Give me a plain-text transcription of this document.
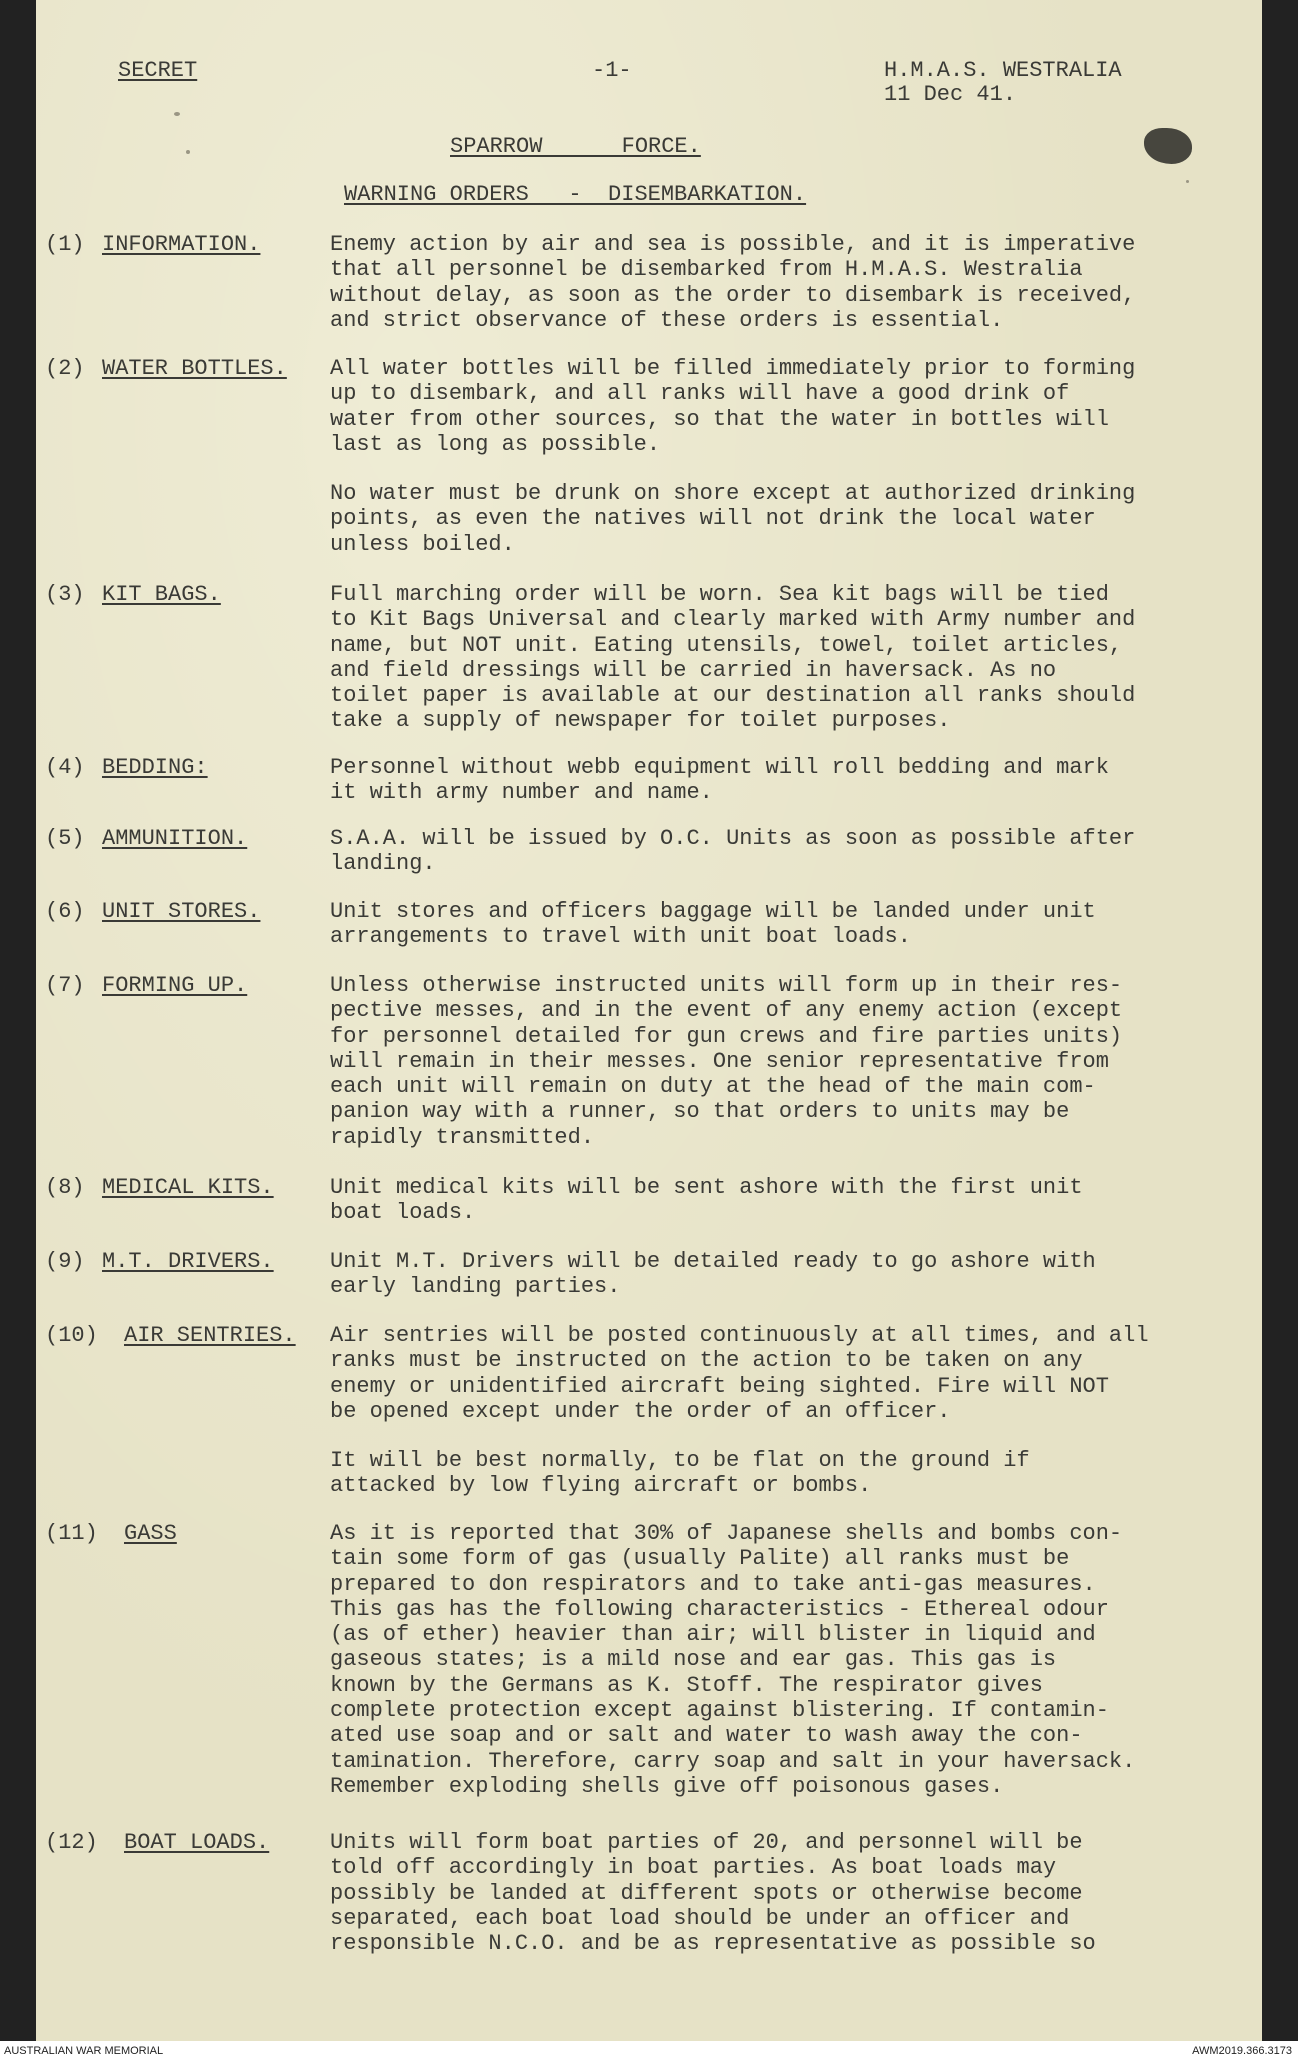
SECRET	-1-	H.M.A.S. WESTRALIA
11 Dec 41.
SPARROW      FORCE.
WARNING ORDERS   -  DISEMBARKATION.
(1) INFORMATION.	Enemy action by air and sea is possible, and it is imperative
that all personnel be disembarked from H.M.A.S. Westralia
without delay, as soon as the order to disembark is received,
and strict observance of these orders is essential.
(2) WATER BOTTLES. All water bottles will be filled immediately prior to forming
up to disembark, and all ranks will have a good drink of
water from other sources, so that the water in bottles will
last as long as possible.
No water must be drunk on shore except at authorized drinking
points, as even the natives will not drink the local water
unless boiled.
(3) KIT BAGS.	Full marching order will be worn. Sea kit bags will be tied
to Kit Bags Universal and clearly marked with Army number and
name, but NOT unit. Eating utensils, towel, toilet articles,
and field dressings will be carried in haversack. As no
toilet paper is available at our destination all ranks should
take a supply of newspaper for toilet purposes.
(4) BEDDING:	Personnel without webb equipment will roll bedding and mark
it with army number and name.
(5) AMMUNITION.	S.A.A. will be issued by O.C. Units as soon as possible after
landing.
(6) UNIT STORES.	Unit stores and officers baggage will be landed under unit
arrangements to travel with unit boat loads.
(7) FORMING UP.	Unless otherwise instructed units will form up in their res-
pective messes, and in the event of any enemy action (except
for personnel detailed for gun crews and fire parties units)
will remain in their messes. One senior representative from
each unit will remain on duty at the head of the main com-
panion way with a runner, so that orders to units may be
rapidly transmitted.
(8) MEDICAL KITS.	Unit medical kits will be sent ashore with the first unit
boat loads.
(9) M.T. DRIVERS.	Unit M.T. Drivers will be detailed ready to go ashore with
early landing parties.
(10) AIR SENTRIES. Air sentries will be posted continuously at all times, and all
ranks must be instructed on the action to be taken on any
enemy or unidentified aircraft being sighted. Fire will NOT
be opened except under the order of an officer.
It will be best normally, to be flat on the ground if
attacked by low flying aircraft or bombs.
(11) GASS	As it is reported that 30% of Japanese shells and bombs con-
tain some form of gas (usually Palite) all ranks must be
prepared to don respirators and to take anti-gas measures.
This gas has the following characteristics - Ethereal odour
(as of ether) heavier than air; will blister in liquid and
gaseous states; is a mild nose and ear gas. This gas is
known by the Germans as K. Stoff. The respirator gives
complete protection except against blistering. If contamin-
ated use soap and or salt and water to wash away the con-
tamination. Therefore, carry soap and salt in your haversack.
Remember exploding shells give off poisonous gases.
(12) BOAT LOADS.	Units will form boat parties of 20, and personnel will be
told off accordingly in boat parties. As boat loads may
possibly be landed at different spots or otherwise become
separated, each boat load should be under an officer and
responsible N.C.O. and be as representative as possible so
AUSTRALIAN WAR MEMORIAL	AWM2019.366.3173
